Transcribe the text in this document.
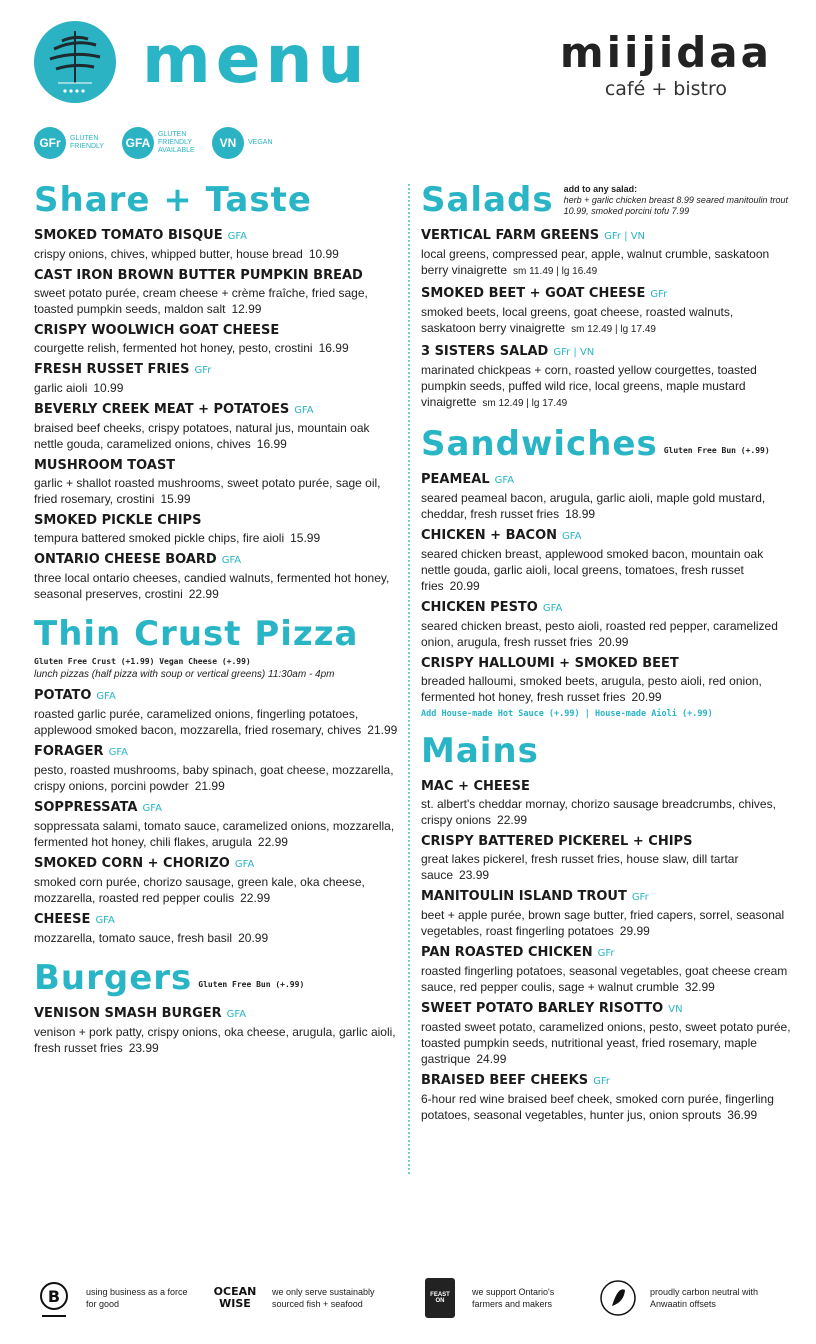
menu	miijidaa
café + bistro
GFr	GLUTEN FRIENDLY	GFA
GLUTEN FRIENDLY AVAILABLE
VN	VEGAN
Share + Taste
SMOKED TOMATO BISQUE GFA
crispy onions, chives, whipped butter, house bread 10.99
CAST IRON BROWN BUTTER PUMPKIN BREAD
sweet potato purée, cream cheese + crème fraîche, fried sage, toasted pumpkin seeds, maldon salt 12.99
CRISPY WOOLWICH GOAT CHEESE
courgette relish, fermented hot honey, pesto, crostini 16.99
FRESH RUSSET FRIES GFr
garlic aioli 10.99
BEVERLY CREEK MEAT + POTATOES GFA
braised beef cheeks, crispy potatoes, natural jus, mountain oak nettle gouda, caramelized onions, chives 16.99
MUSHROOM TOAST
garlic + shallot roasted mushrooms, sweet potato purée, sage oil, fried rosemary, crostini 15.99
SMOKED PICKLE CHIPS
tempura battered smoked pickle chips, fire aioli 15.99
ONTARIO CHEESE BOARD GFA
three local ontario cheeses, candied walnuts, fermented hot honey, seasonal preserves, crostini 22.99
Thin Crust Pizza
Gluten Free Crust (+1.99) Vegan Cheese (+.99)
lunch pizzas (half pizza with soup or vertical greens) 11:30am - 4pm
POTATO GFA
roasted garlic purée, caramelized onions, fingerling potatoes, applewood smoked bacon, mozzarella, fried rosemary, chives 21.99
FORAGER GFA
pesto, roasted mushrooms, baby spinach, goat cheese, mozzarella, crispy onions, porcini powder 21.99
SOPPRESSATA GFA
soppressata salami, tomato sauce, caramelized onions, mozzarella, fermented hot honey, chili flakes, arugula 22.99
SMOKED CORN + CHORIZO GFA
smoked corn purée, chorizo sausage, green kale, oka cheese, mozzarella, roasted red pepper coulis 22.99
CHEESE GFA
mozzarella, tomato sauce, fresh basil 20.99
Burgers Gluten Free Bun (+.99)
VENISON SMASH BURGER GFA
venison + pork patty, crispy onions, oka cheese, arugula, garlic aioli, fresh russet fries 23.99
Salads add to any salad: herb + garlic chicken breast 8.99 seared manitoulin trout 10.99, smoked porcini tofu 7.99
VERTICAL FARM GREENS GFr | VN
local greens, compressed pear, apple, walnut crumble, saskatoon berry vinaigrette sm 11.49 | lg 16.49
SMOKED BEET + GOAT CHEESE GFr
smoked beets, local greens, goat cheese, roasted walnuts, saskatoon berry vinaigrette sm 12.49 | lg 17.49
3 SISTERS SALAD GFr | VN
marinated chickpeas + corn, roasted yellow courgettes, toasted pumpkin seeds, puffed wild rice, local greens, maple mustard vinaigrette sm 12.49 | lg 17.49
Sandwiches Gluten Free Bun (+.99)
PEAMEAL GFA
seared peameal bacon, arugula, garlic aioli, maple gold mustard, cheddar, fresh russet fries 18.99
CHICKEN + BACON GFA
seared chicken breast, applewood smoked bacon, mountain oak nettle gouda, garlic aioli, local greens, tomatoes, fresh russet fries 20.99
CHICKEN PESTO GFA
seared chicken breast, pesto aioli, roasted red pepper, caramelized onion, arugula, fresh russet fries 20.99
CRISPY HALLOUMI + SMOKED BEET
breaded halloumi, smoked beets, arugula, pesto aioli, red onion, fermented hot honey, fresh russet fries 20.99
Add House-made Hot Sauce (+.99) | House-made Aioli (+.99)
Mains
MAC + CHEESE
st. albert's cheddar mornay, chorizo sausage breadcrumbs, chives, crispy onions 22.99
CRISPY BATTERED PICKEREL + CHIPS
great lakes pickerel, fresh russet fries, house slaw, dill tartar sauce 23.99
MANITOULIN ISLAND TROUT GFr
beet + apple purée, brown sage butter, fried capers, sorrel, seasonal vegetables, roast fingerling potatoes 29.99
PAN ROASTED CHICKEN GFr
roasted fingerling potatoes, seasonal vegetables, goat cheese cream sauce, red pepper coulis, sage + walnut crumble 32.99
SWEET POTATO BARLEY RISOTTO VN
roasted sweet potato, caramelized onions, pesto, sweet potato purée, toasted pumpkin seeds, nutritional yeast, fried rosemary, maple gastrique 24.99
BRAISED BEEF CHEEKS GFr
6-hour red wine braised beef cheek, smoked corn purée, fingerling potatoes, seasonal vegetables, hunter jus, onion sprouts 36.99
B	using business as a force for good
OCEAN WISE
we only serve sustainably sourced fish + seafood
FEAST ON
we support Ontario's farmers and makers
proudly carbon neutral with Anwaatin offsets
